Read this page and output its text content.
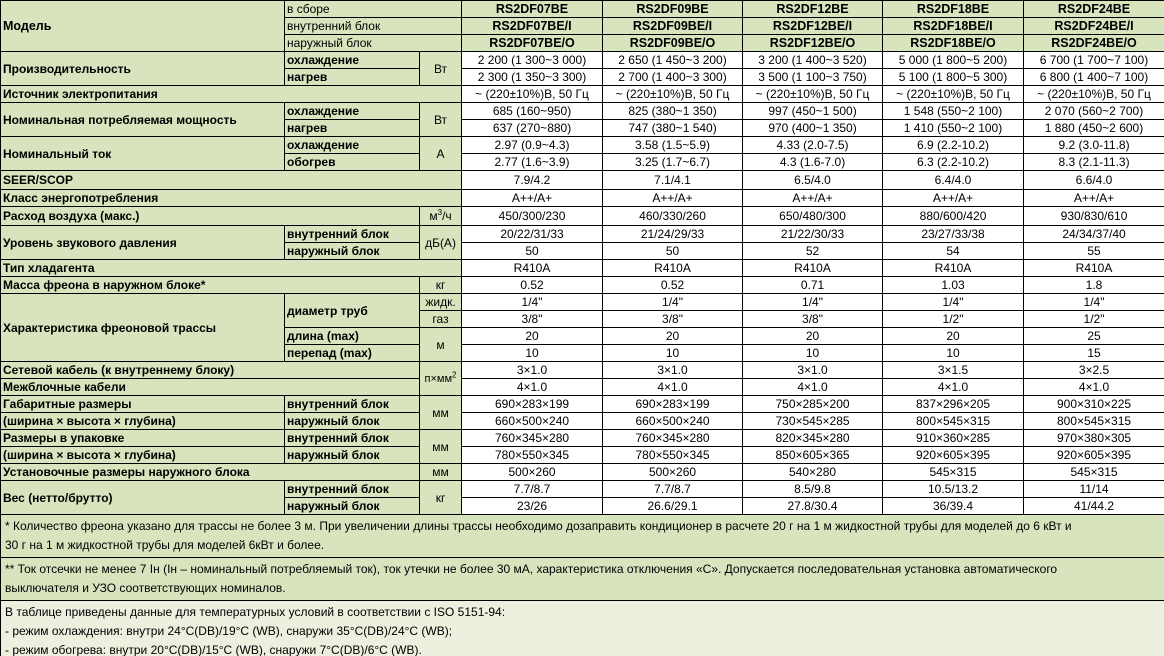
Модель	в сборе		RS2DF07BE	RS2DF09BE	RS2DF12BE	RS2DF18BE	RS2DF24BE
	внутренний блок		RS2DF07BE/I	RS2DF09BE/I	RS2DF12BE/I	RS2DF18BE/I	RS2DF24BE/I
	наружный блок		RS2DF07BE/O	RS2DF09BE/O	RS2DF12BE/O	RS2DF18BE/O	RS2DF24BE/O
Производительность	охлаждение	Вт	2 200 (1 300~3 000)	2 650 (1 450~3 200)	3 200 (1 400~3 520)	5 000 (1 800~5 200)	6 700 (1 700~7 100)
	нагрев		2 300 (1 350~3 300)	2 700 (1 400~3 300)	3 500 (1 100~3 750)	5 100 (1 800~5 300)	6 800 (1 400~7 100)
Источник электропитания			~ (220±10%)В, 50 Гц	~ (220±10%)В, 50 Гц	~ (220±10%)В, 50 Гц	~ (220±10%)В, 50 Гц	~ (220±10%)В, 50 Гц
Номинальная потребляемая мощность	охлаждение	Вт	685 (160~950)	825 (380~1 350)	997 (450~1 500)	1 548 (550~2 100)	2 070 (560~2 700)
	нагрев		637 (270~880)	747 (380~1 540)	970 (400~1 350)	1 410 (550~2 100)	1 880 (450~2 600)
Номинальный ток	охлаждение	А	2.97 (0.9~4.3)	3.58 (1.5~5.9)	4.33 (2.0-7.5)	6.9 (2.2-10.2)	9.2 (3.0-11.8)
	обогрев		2.77 (1.6~3.9)	3.25 (1.7~6.7)	4.3 (1.6-7.0)	6.3 (2.2-10.2)	8.3 (2.1-11.3)
SEER/SCOP			7.9/4.2	7.1/4.1	6.5/4.0	6.4/4.0	6.6/4.0
Класс энергопотребления			A++/A+	A++/A+	A++/A+	A++/A+	A++/A+
Расход воздуха (макс.)		$м^3/ч$	450/300/230	460/330/260	650/480/300	880/600/420	930/830/610
Уровень звукового давления	внутренний блок	дБ(А)	20/22/31/33	21/24/29/33	21/22/30/33	23/27/33/38	24/34/37/40
	наружный блок		50	50	52	54	55
Тип хладагента			R410A	R410A	R410A	R410A	R410A
Масса фреона в наружном блоке*		кг	0.52	0.52	0.71	1.03	1.8
Характеристика фреоновой трассы	диаметр труб	жидк.	1/4"	1/4"	1/4"	1/4"	1/4"
		газ	3/8"	3/8"	3/8"	1/2"	1/2"
	длина (max)	м	20	20	20	20	25
	перепад (max)		10	10	10	10	15
Сетевой кабель (к внутреннему блоку)		$п\times мм^2$	3×1.0	3×1.0	3×1.0	3×1.5	3×2.5
Межблочные кабели			4×1.0	4×1.0	4×1.0	4×1.0	4×1.0
Габаритные размеры	внутренний блок	мм	690×283×199	690×283×199	750×285×200	837×296×205	900×310×225
(ширина × высота × глубина)	наружный блок		660×500×240	660×500×240	730×545×285	800×545×315	800×545×315
Размеры в упаковке	внутренний блок	мм	760×345×280	760×345×280	820×345×280	910×360×285	970×380×305
(ширина × высота × глубина)	наружный блок		780×550×345	780×550×345	850×605×365	920×605×395	920×605×395
Установочные размеры наружного блока		мм	500×260	500×260	540×280	545×315	545×315
Вес (нетто/брутто)	внутренний блок	кг	7.7/8.7	7.7/8.7	8.5/9.8	10.5/13.2	11/14
	наружный блок		23/26	26.6/29.1	27.8/30.4	36/39.4	41/44.2

* Количество фреона указано для трассы не более 3 м. При увеличении длины трассы необходимо дозаправить кондиционер в расчете 20 г на 1 м жидкостной трубы для моделей до 6 кВт и
30 г на 1 м жидкостной трубы для моделей 6кВт и более.							

** Ток отсечки не менее 7 Iн (Iн – номинальный потребляемый ток), ток утечки не более 30 мА, характеристика отключения «С». Допускается последовательная установка автоматического
выключателя и УЗО соответствующих номиналов.							

В таблице приведены данные для температурных условий в соответствии с ISO 5151-94:
- режим охлаждения: внутри 24°С(DB)/19°С (WB), снаружи 35°С(DB)/24°С (WB);
- режим обогрева: внутри 20°С(DB)/15°С (WB), снаружи 7°С(DB)/6°С (WB).							
